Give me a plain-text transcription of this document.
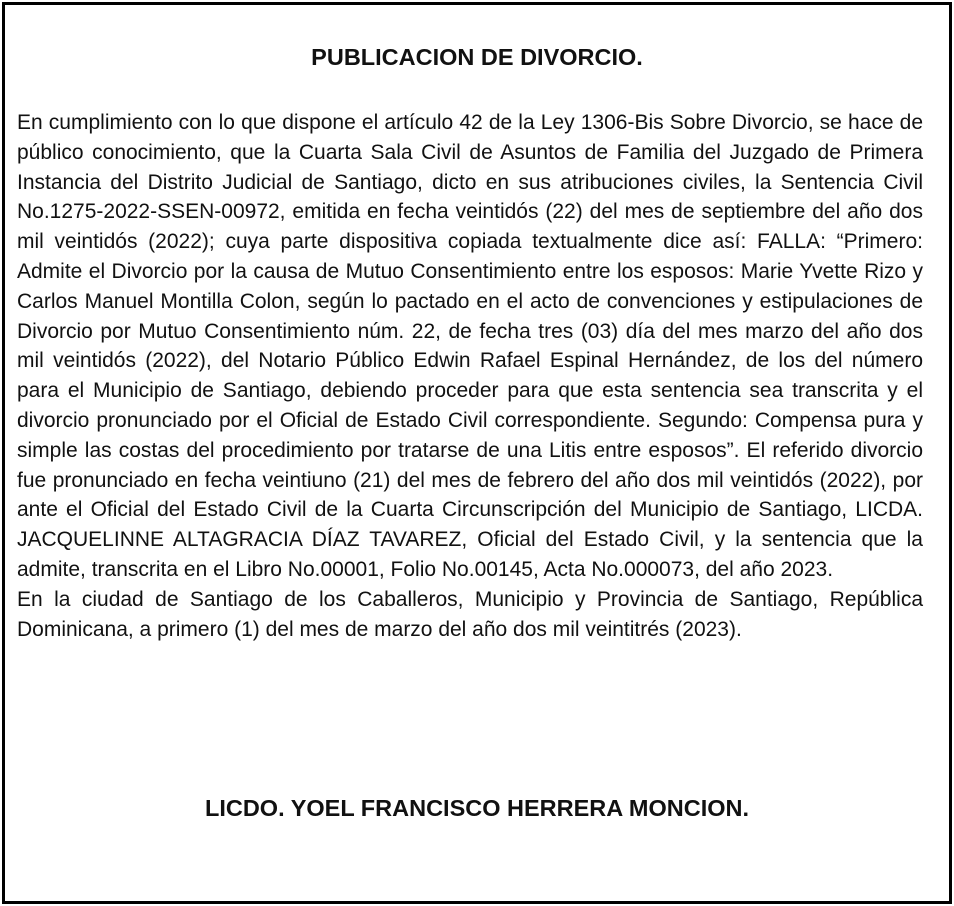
PUBLICACION DE DIVORCIO.

En cumplimiento con lo que dispone el artículo 42 de la Ley 1306-Bis Sobre Divorcio, se hace de público conocimiento, que la Cuarta Sala Civil de Asuntos de Familia del Juzgado de Primera Instancia del Distrito Judicial de Santiago, dicto en sus atribuciones civiles, la Sentencia Civil No.1275-2022-SSEN-00972, emitida en fecha veintidós (22) del mes de septiembre del año dos mil veintidós (2022); cuya parte dispositiva copiada textualmente dice así: FALLA: “Primero: Admite el Divorcio por la causa de Mutuo Consentimiento entre los esposos: Marie Yvette Rizo y Carlos Manuel Montilla Colon, según lo pactado en el acto de convenciones y estipulaciones de Divorcio por Mutuo Consentimiento núm. 22, de fecha tres (03) día del mes marzo del año dos mil veintidós (2022), del Notario Público Edwin Rafael Espinal Hernández, de los del número para el Municipio de Santiago, debiendo proceder para que esta sentencia sea transcrita y el divorcio pronunciado por el Oficial de Estado Civil correspondiente. Segundo: Compensa pura y simple las costas del procedimiento por tratarse de una Litis entre esposos”. El referido divorcio fue pronunciado en fecha veintiuno (21) del mes de febrero del año dos mil veintidós (2022), por ante el Oficial del Estado Civil de la Cuarta Circunscripción del Municipio de Santiago, LICDA. JACQUELINNE ALTAGRACIA DÍAZ TAVAREZ, Oficial del Estado Civil, y la sentencia que la admite, transcrita en el Libro No.00001, Folio No.00145, Acta No.000073, del año 2023.

En la ciudad de Santiago de los Caballeros, Municipio y Provincia de Santiago, República Dominicana, a primero (1) del mes de marzo del año dos mil veintitrés (2023).

LICDO. YOEL FRANCISCO HERRERA MONCION.
